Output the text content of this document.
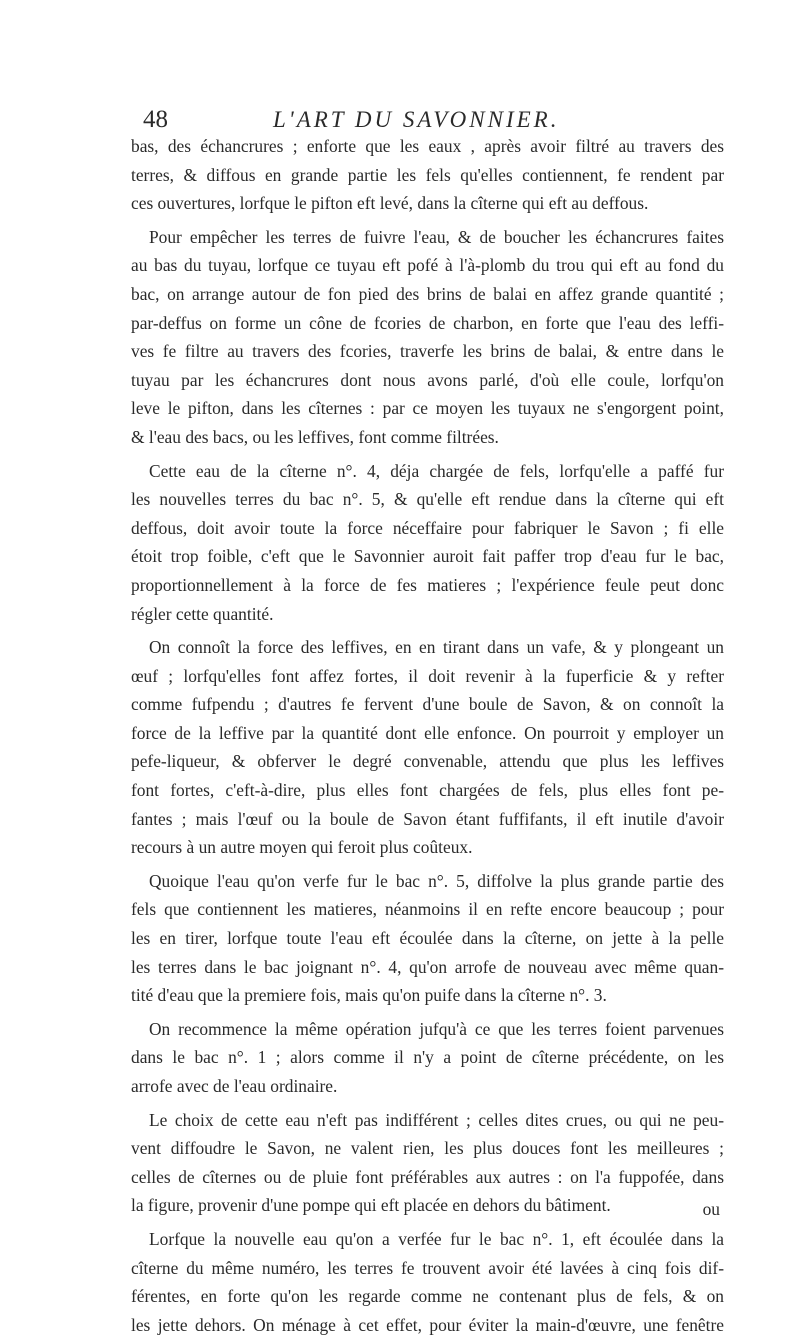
48	L'ART DU SAVONNIER.
bas, des échancrures ; enforte que les eaux , après avoir filtré au travers des
terres, & diffous en grande partie les fels qu'elles contiennent, fe rendent par
ces ouvertures, lorfque le pifton eft levé, dans la cîterne qui eft au deffous.
Pour empêcher les terres de fuivre l'eau, & de boucher les échancrures faites
au bas du tuyau, lorfque ce tuyau eft pofé à l'à-plomb du trou qui eft au fond du
bac, on arrange autour de fon pied des brins de balai en affez grande quantité ;
par-deffus on forme un cône de fcories de charbon, en forte que l'eau des leffi-
ves fe filtre au travers des fcories, traverfe les brins de balai, & entre dans le
tuyau par les échancrures dont nous avons parlé, d'où elle coule, lorfqu'on
leve le pifton, dans les cîternes : par ce moyen les tuyaux ne s'engorgent point,
& l'eau des bacs, ou les leffives, font comme filtrées.
Cette eau de la cîterne n°. 4, déja chargée de fels, lorfqu'elle a paffé fur
les nouvelles terres du bac n°. 5, & qu'elle eft rendue dans la cîterne qui eft
deffous, doit avoir toute la force néceffaire pour fabriquer le Savon ; fi elle
étoit trop foible, c'eft que le Savonnier auroit fait paffer trop d'eau fur le bac,
proportionnellement à la force de fes matieres ; l'expérience feule peut donc
régler cette quantité.
On connoît la force des leffives, en en tirant dans un vafe, & y plongeant un
œuf ; lorfqu'elles font affez fortes, il doit revenir à la fuperficie & y refter
comme fufpendu ; d'autres fe fervent d'une boule de Savon, & on connoît la
force de la leffive par la quantité dont elle enfonce. On pourroit y employer un
pefe-liqueur, & obferver le degré convenable, attendu que plus les leffives
font fortes, c'eft-à-dire, plus elles font chargées de fels, plus elles font pe-
fantes ; mais l'œuf ou la boule de Savon étant fuffifants, il eft inutile d'avoir
recours à un autre moyen qui feroit plus coûteux.
Quoique l'eau qu'on verfe fur le bac n°. 5, diffolve la plus grande partie des
fels que contiennent les matieres, néanmoins il en refte encore beaucoup ; pour
les en tirer, lorfque toute l'eau eft écoulée dans la cîterne, on jette à la pelle
les terres dans le bac joignant n°. 4, qu'on arrofe de nouveau avec même quan-
tité d'eau que la premiere fois, mais qu'on puife dans la cîterne n°. 3.
On recommence la même opération jufqu'à ce que les terres foient parvenues
dans le bac n°. 1 ; alors comme il n'y a point de cîterne précédente, on les
arrofe avec de l'eau ordinaire.
Le choix de cette eau n'eft pas indifférent ; celles dites crues, ou qui ne peu-
vent diffoudre le Savon, ne valent rien, les plus douces font les meilleures ;
celles de cîternes ou de pluie font préférables aux autres : on l'a fuppofée, dans
la figure, provenir d'une pompe qui eft placée en dehors du bâtiment.
Lorfque la nouvelle eau qu'on a verfée fur le bac n°. 1, eft écoulée dans la
cîterne du même numéro, les terres fe trouvent avoir été lavées à cinq fois dif-
férentes, en forte qu'on les regarde comme ne contenant plus de fels, & on
les jette dehors. On ménage à cet effet, pour éviter la main-d'œuvre, une fenêtre
ou
